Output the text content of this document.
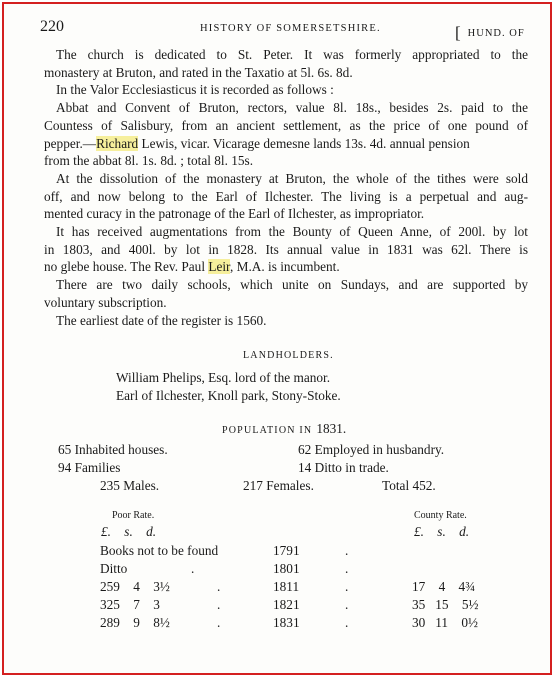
220	HISTORY OF SOMERSETSHIRE.	[ HUND. OF
The church is dedicated to St. Peter. It was formerly appropriated to the
monastery at Bruton, and rated in the Taxatio at 5l. 6s. 8d.
In the Valor Ecclesiasticus it is recorded as follows :
Abbat and Convent of Bruton, rectors, value 8l. 18s., besides 2s. paid to the
Countess of Salisbury, from an ancient settlement, as the price of one pound of
pepper.—Richard Lewis, vicar. Vicarage demesne lands 13s. 4d. annual pension
from the abbat 8l. 1s. 8d. ; total 8l. 15s.
At the dissolution of the monastery at Bruton, the whole of the tithes were sold
off, and now belong to the Earl of Ilchester. The living is a perpetual and aug-
mented curacy in the patronage of the Earl of Ilchester, as impropriator.
It has received augmentations from the Bounty of Queen Anne, of 200l. by lot
in 1803, and 400l. by lot in 1828. Its annual value in 1831 was 62l. There is
no glebe house. The Rev. Paul Leir, M.A. is incumbent.
There are two daily schools, which unite on Sundays, and are supported by
voluntary subscription.
The earliest date of the register is 1560.
LANDHOLDERS.
William Phelips, Esq. lord of the manor.
Earl of Ilchester, Knoll park, Stony-Stoke.
POPULATION IN 1831.
65 Inhabited houses.	62 Employed in husbandry.
94 Families	14 Ditto in trade.
235 Males.	217 Females.	Total 452.
Poor Rate.	County Rate.
£.    s.    d.	£.    s.    d.
Books not to be found	1791	.
Ditto	.	1801	.
259    4    3½	.	1811	.	17    4    4¾
325    7    3	.	1821	.	35   15    5½
289    9    8½	.	1831	.	30   11    0½
